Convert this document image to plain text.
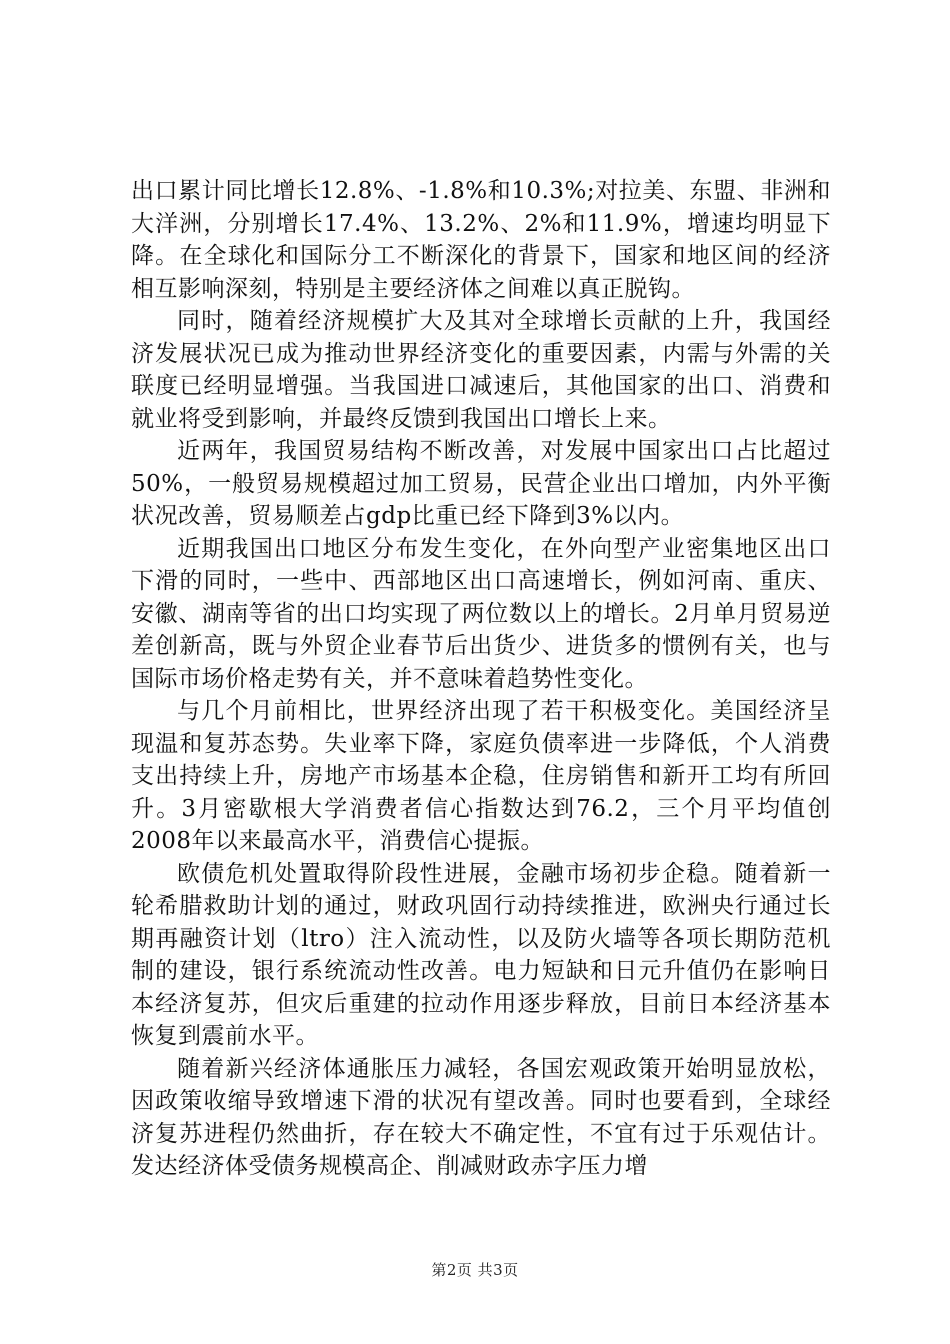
出口累计同比增长12.8%、-1.8%和10.3%;对拉美、东盟、非洲和大洋洲，分别增长17.4%、13.2%、2%和11.9%，增速均明显下降。在全球化和国际分工不断深化的背景下，国家和地区间的经济相互影响深刻，特别是主要经济体之间难以真正脱钩。

同时，随着经济规模扩大及其对全球增长贡献的上升，我国经济发展状况已成为推动世界经济变化的重要因素，内需与外需的关联度已经明显增强。当我国进口减速后，其他国家的出口、消费和就业将受到影响，并最终反馈到我国出口增长上来。

近两年，我国贸易结构不断改善，对发展中国家出口占比超过50%，一般贸易规模超过加工贸易，民营企业出口增加，内外平衡状况改善，贸易顺差占gdp比重已经下降到3%以内。

近期我国出口地区分布发生变化，在外向型产业密集地区出口下滑的同时，一些中、西部地区出口高速增长，例如河南、重庆、安徽、湖南等省的出口均实现了两位数以上的增长。2月单月贸易逆差创新高，既与外贸企业春节后出货少、进货多的惯例有关，也与国际市场价格走势有关，并不意味着趋势性变化。

与几个月前相比，世界经济出现了若干积极变化。美国经济呈现温和复苏态势。失业率下降，家庭负债率进一步降低，个人消费支出持续上升，房地产市场基本企稳，住房销售和新开工均有所回升。3月密歇根大学消费者信心指数达到76.2，三个月平均值创2008年以来最高水平，消费信心提振。

欧债危机处置取得阶段性进展，金融市场初步企稳。随着新一轮希腊救助计划的通过，财政巩固行动持续推进，欧洲央行通过长期再融资计划（ltro）注入流动性，以及防火墙等各项长期防范机制的建设，银行系统流动性改善。电力短缺和日元升值仍在影响日本经济复苏，但灾后重建的拉动作用逐步释放，目前日本经济基本恢复到震前水平。

随着新兴经济体通胀压力减轻，各国宏观政策开始明显放松，因政策收缩导致增速下滑的状况有望改善。同时也要看到，全球经济复苏进程仍然曲折，存在较大不确定性，不宜有过于乐观估计。发达经济体受债务规模高企、削减财政赤字压力增

第2页 共3页
